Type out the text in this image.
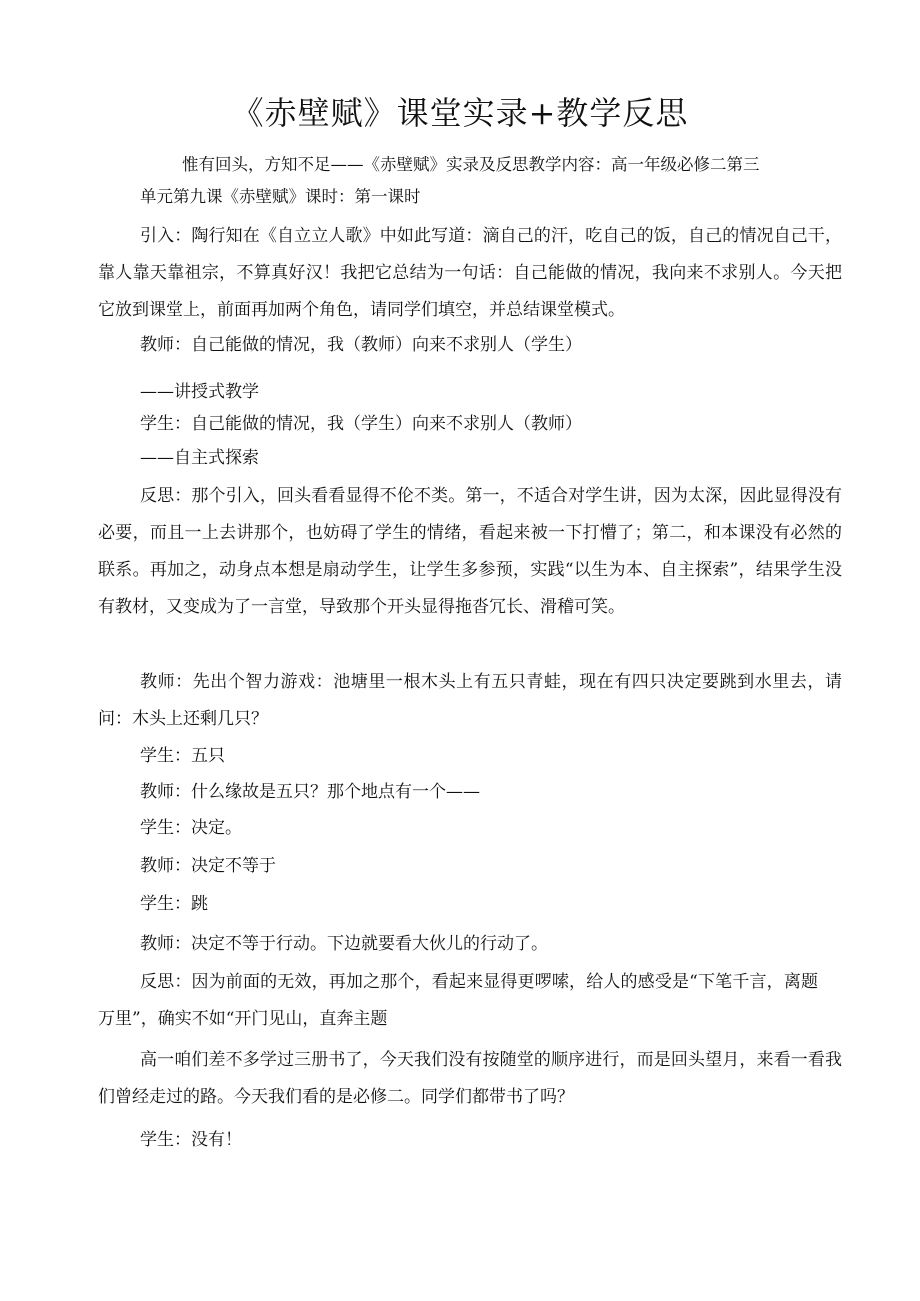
《赤壁赋》课堂实录+教学反思
惟有回头，方知不足——《赤壁赋》实录及反思教学内容：高一年级必修二第三
单元第九课《赤壁赋》课时：第一课时
引入：陶行知在《自立立人歌》中如此写道：滴自己的汗，吃自己的饭，自己的情况自己干，靠人靠天靠祖宗，不算真好汉！我把它总结为一句话：自己能做的情况，我向来不求别人。今天把它放到课堂上，前面再加两个角色，请同学们填空，并总结课堂模式。
教师：自己能做的情况，我（教师）向来不求别人（学生）
——讲授式教学
学生：自己能做的情况，我（学生）向来不求别人（教师）
——自主式探索
反思：那个引入，回头看看显得不伦不类。第一，不适合对学生讲，因为太深，因此显得没有必要，而且一上去讲那个，也妨碍了学生的情绪，看起来被一下打懵了；第二，和本课没有必然的联系。再加之，动身点本想是扇动学生，让学生多参预，实践“以生为本、自主探索”，结果学生没有教材，又变成为了一言堂，导致那个开头显得拖沓冗长、滑稽可笑。
教师：先出个智力游戏：池塘里一根木头上有五只青蛙，现在有四只决定要跳到水里去，请问：木头上还剩几只？
学生：五只
教师：什么缘故是五只？那个地点有一个——
学生：决定。
教师：决定不等于
学生：跳
教师：决定不等于行动。下边就要看大伙儿的行动了。
反思：因为前面的无效，再加之那个，看起来显得更啰嗦，给人的感受是“下笔千言，离题万里”，确实不如“开门见山，直奔主题
高一咱们差不多学过三册书了，今天我们没有按随堂的顺序进行，而是回头望月，来看一看我们曾经走过的路。今天我们看的是必修二。同学们都带书了吗？
学生：没有！
